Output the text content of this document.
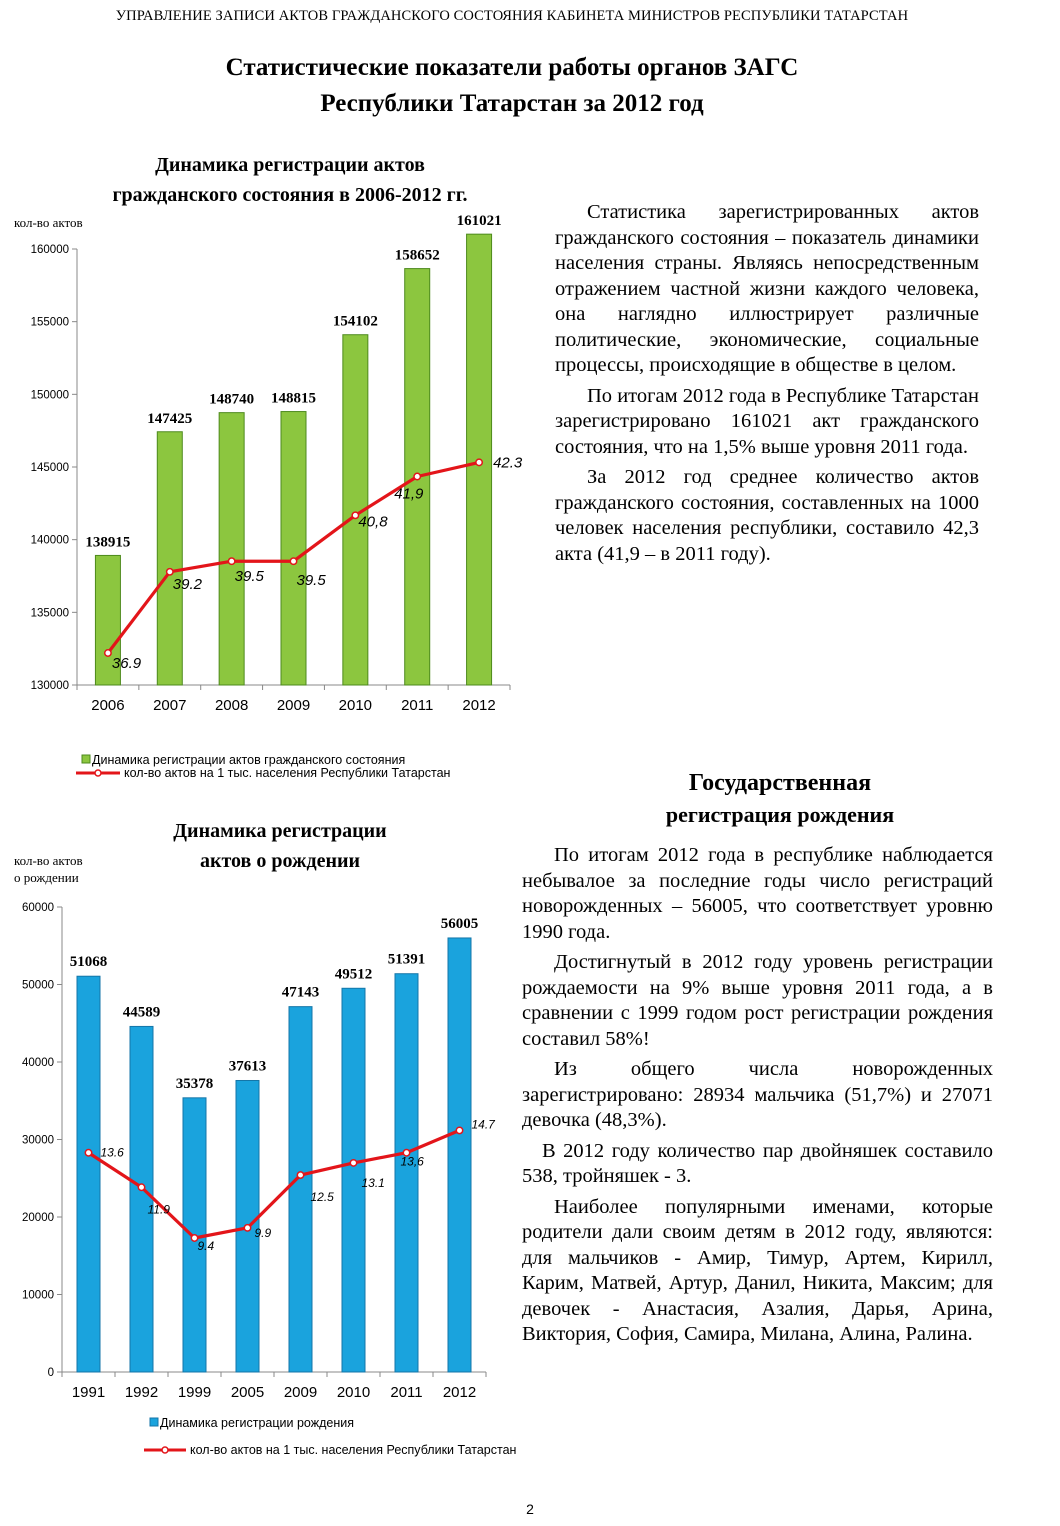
УПРАВЛЕНИЕ ЗАПИСИ АКТОВ ГРАЖДАНСКОГО СОСТОЯНИЯ КАБИНЕТА МИНИСТРОВ РЕСПУБЛИКИ ТАТАРСТАН
Статистические показатели работы органов ЗАГС
Республики Татарстан за 2012 год
Динамика регистрации актов
гражданского состояния в 2006-2012 гг.
кол-во актов
130000
135000
140000
145000
150000
155000
160000
2006 2007 2008 2009 2010 2011 2012
138915
147425
148740 148815
154102
158652
161021
36.9
39.2 39.5 39.5
40,8
41,9
42.3
Динамика регистрации актов гражданского состояния
кол-во актов на 1 тыс. населения Республики Татарстан

Статистика зарегистрированных актов гражданского состояния – показатель динамики населения страны. Являясь непосредственным отражением частной жизни каждого человека, она наглядно иллюстрирует различные политические, экономические, социальные процессы, происходящие в обществе в целом.

По итогам 2012 года в Республике Татарстан зарегистрировано 161021 акт гражданского состояния, что на 1,5% выше уровня 2011 года.

За 2012 год среднее количество актов гражданского состояния, составленных на 1000 человек населения республики, составило 42,3 акта (41,9 – в 2011 году).

Государственная
регистрация рождения
Динамика регистрации
актов о рождении
кол-во актов
о рождении
0
10000
20000
30000
40000
50000
60000
1991 1992 1999 2005 2009 2010 2011 2012
51068
44589
35378
37613
47143
49512
51391
56005
13.6
11.9
9.4
9.9
12.5
13.1
13,6
14.7
Динамика регистрации рождения
кол-во актов на 1 тыс. населения Республики Татарстан

По итогам 2012 года в республике наблюдается небывалое за последние годы число регистраций новорожденных – 56005, что соответствует уровню 1990 года.

Достигнутый в 2012 году уровень регистрации рождаемости на 9% выше уровня 2011 года, а в сравнении с 1999 годом рост регистрации рождения составил 58%!

Из общего числа новорожденных зарегистрировано: 28934 мальчика (51,7%) и 27071 девочка (48,3%).

В 2012 году количество пар двойняшек составило 538, тройняшек - 3.

Наиболее популярными именами, которые родители дали своим детям в 2012 году, являются: для мальчиков - Амир, Тимур, Артем, Кирилл, Карим, Матвей, Артур, Данил, Никита, Максим; для девочек - Анастасия, Азалия, Дарья, Арина, Виктория, София, Самира, Милана, Алина, Ралина.

2
